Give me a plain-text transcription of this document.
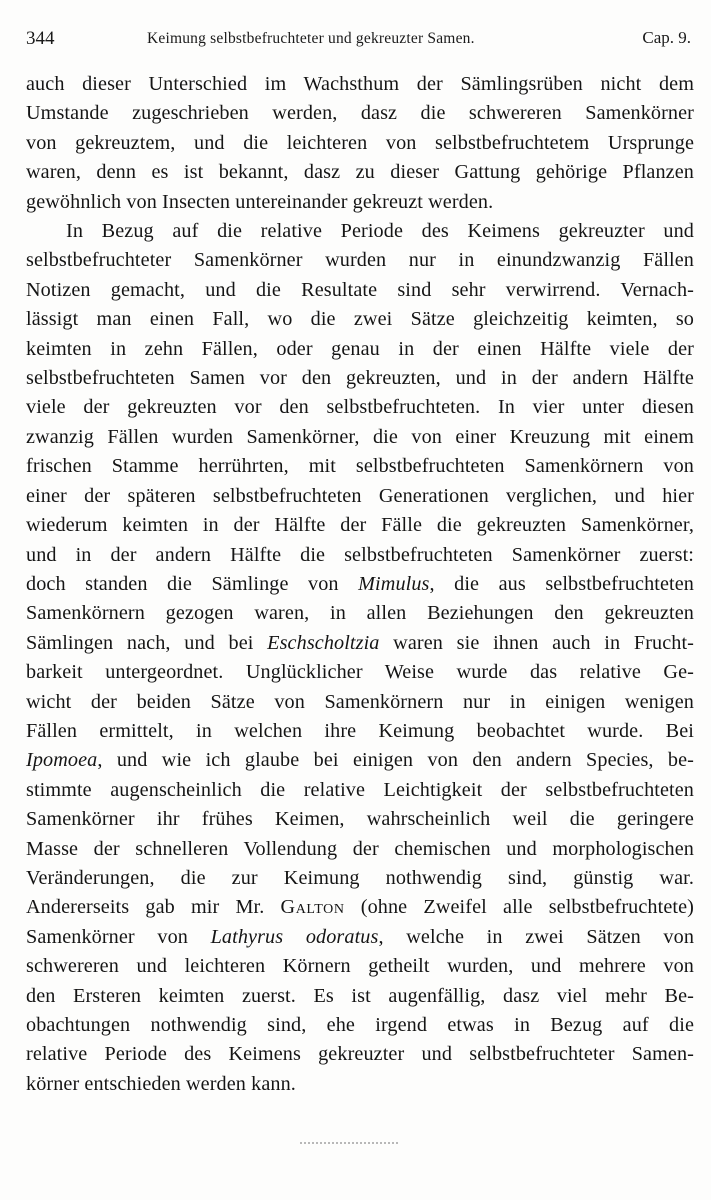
344	Keimung selbstbefruchteter und gekreuzter Samen.	Cap. 9.

auch dieser Unterschied im Wachsthum der Sämlingsrüben nicht dem
Umstande zugeschrieben werden, dasz die schwereren Samenkörner
von gekreuztem, und die leichteren von selbstbefruchtetem Ursprunge
waren, denn es ist bekannt, dasz zu dieser Gattung gehörige Pflanzen
gewöhnlich von Insecten untereinander gekreuzt werden.

In Bezug auf die relative Periode des Keimens gekreuzter und
selbstbefruchteter Samenkörner wurden nur in einundzwanzig Fällen
Notizen gemacht, und die Resultate sind sehr verwirrend. Vernach-
lässigt man einen Fall, wo die zwei Sätze gleichzeitig keimten, so
keimten in zehn Fällen, oder genau in der einen Hälfte viele der
selbstbefruchteten Samen vor den gekreuzten, und in der andern Hälfte
viele der gekreuzten vor den selbstbefruchteten. In vier unter diesen
zwanzig Fällen wurden Samenkörner, die von einer Kreuzung mit einem
frischen Stamme herrührten, mit selbstbefruchteten Samenkörnern von
einer der späteren selbstbefruchteten Generationen verglichen, und hier
wiederum keimten in der Hälfte der Fälle die gekreuzten Samenkörner,
und in der andern Hälfte die selbstbefruchteten Samenkörner zuerst:
doch standen die Sämlinge von Mimulus, die aus selbstbefruchteten
Samenkörnern gezogen waren, in allen Beziehungen den gekreuzten
Sämlingen nach, und bei Eschscholtzia waren sie ihnen auch in Frucht-
barkeit untergeordnet. Unglücklicher Weise wurde das relative Ge-
wicht der beiden Sätze von Samenkörnern nur in einigen wenigen
Fällen ermittelt, in welchen ihre Keimung beobachtet wurde. Bei
Ipomoea, und wie ich glaube bei einigen von den andern Species, be-
stimmte augenscheinlich die relative Leichtigkeit der selbstbefruchteten
Samenkörner ihr frühes Keimen, wahrscheinlich weil die geringere
Masse der schnelleren Vollendung der chemischen und morphologischen
Veränderungen, die zur Keimung nothwendig sind, günstig war.
Andererseits gab mir Mr. Galton (ohne Zweifel alle selbstbefruchtete)
Samenkörner von Lathyrus odoratus, welche in zwei Sätzen von
schwereren und leichteren Körnern getheilt wurden, und mehrere von
den Ersteren keimten zuerst. Es ist augenfällig, dasz viel mehr Be-
obachtungen nothwendig sind, ehe irgend etwas in Bezug auf die
relative Periode des Keimens gekreuzter und selbstbefruchteter Samen-
körner entschieden werden kann.
